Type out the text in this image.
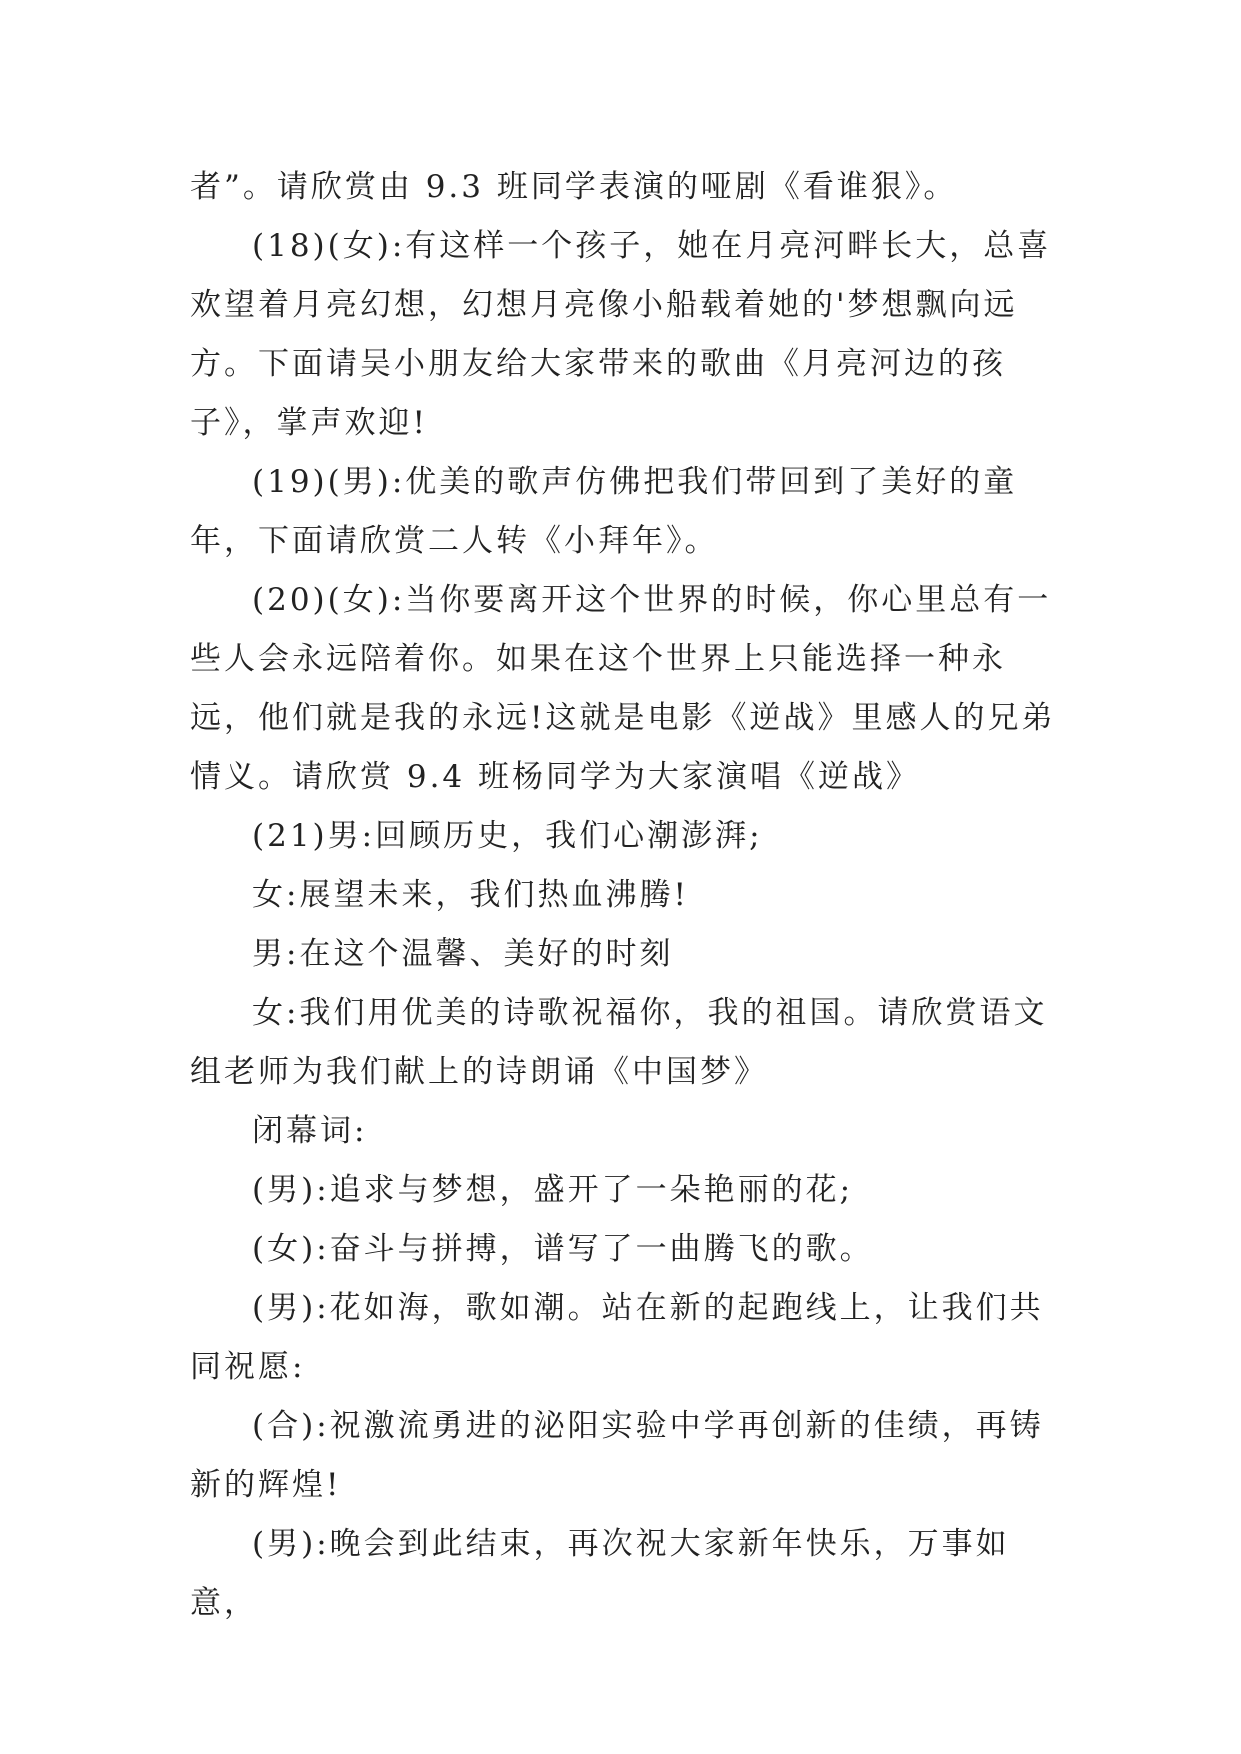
者”。请欣赏由 9.3 班同学表演的哑剧《看谁狠》。

(18)(女):有这样一个孩子，她在月亮河畔长大，总喜欢望着月亮幻想，幻想月亮像小船载着她的'梦想飘向远方。下面请吴小朋友给大家带来的歌曲《月亮河边的孩子》，掌声欢迎!

(19)(男):优美的歌声仿佛把我们带回到了美好的童年，下面请欣赏二人转《小拜年》。

(20)(女):当你要离开这个世界的时候，你心里总有一些人会永远陪着你。如果在这个世界上只能选择一种永远，他们就是我的永远!这就是电影《逆战》里感人的兄弟情义。请欣赏 9.4 班杨同学为大家演唱《逆战》

(21)男:回顾历史，我们心潮澎湃;

女:展望未来，我们热血沸腾!

男:在这个温馨、美好的时刻

女:我们用优美的诗歌祝福你，我的祖国。请欣赏语文组老师为我们献上的诗朗诵《中国梦》

闭幕词:

(男):追求与梦想，盛开了一朵艳丽的花;

(女):奋斗与拼搏，谱写了一曲腾飞的歌。

(男):花如海，歌如潮。站在新的起跑线上，让我们共同祝愿:

(合):祝激流勇进的泌阳实验中学再创新的佳绩，再铸新的辉煌!

(男):晚会到此结束，再次祝大家新年快乐，万事如意，
